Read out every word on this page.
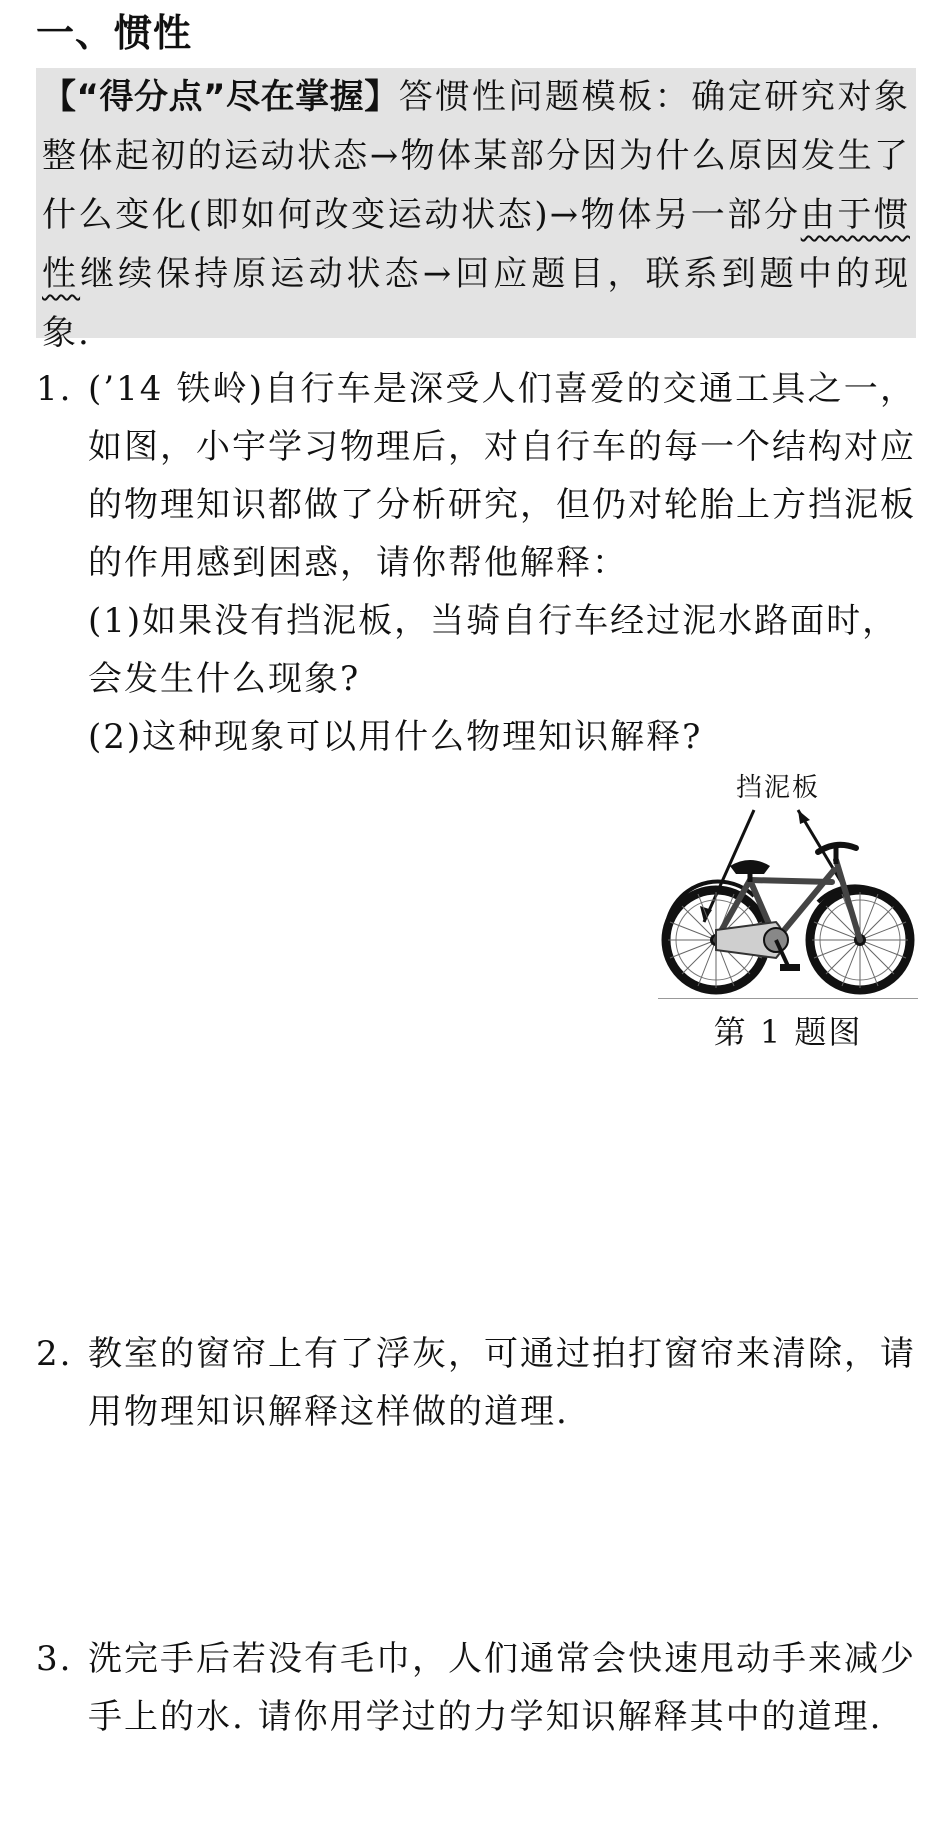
一、惯性
【“得分点”尽在掌握】答惯性问题模板：确定研究对象整体起初的运动状态→物体某部分因为什么原因发生了什么变化(即如何改变运动状态)→物体另一部分由于惯性继续保持原运动状态→回应题目，联系到题中的现象.
1. (’14 铁岭)自行车是深受人们喜爱的交通工具之一，如图，小宇学习物理后，对自行车的每一个结构对应的物理知识都做了分析研究，但仍对轮胎上方挡泥板的作用感到困惑，请你帮他解释：
(1)如果没有挡泥板，当骑自行车经过泥水路面时，会发生什么现象?
(2)这种现象可以用什么物理知识解释?
挡泥板
第 1 题图
2. 教室的窗帘上有了浮灰，可通过拍打窗帘来清除，请用物理知识解释这样做的道理.
3. 洗完手后若没有毛巾，人们通常会快速甩动手来减少手上的水. 请你用学过的力学知识解释其中的道理.
